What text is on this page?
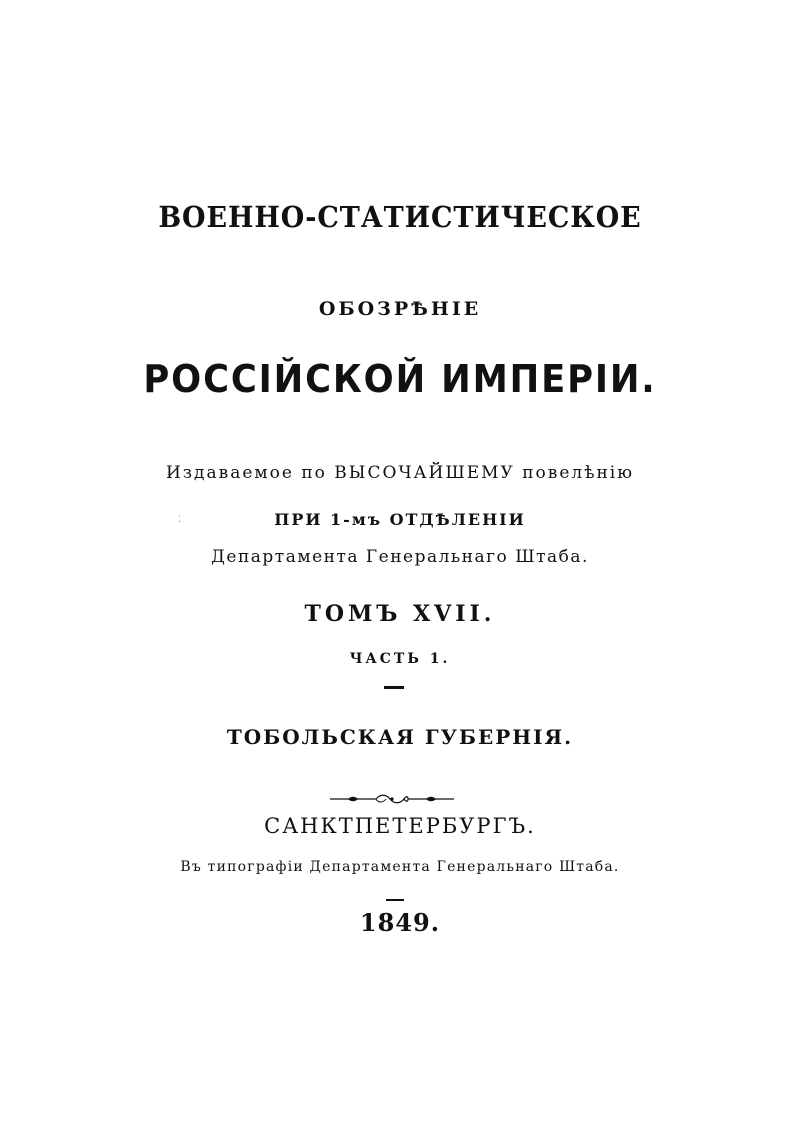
ВОЕННО-СТАТИСТИЧЕСКОЕ
ОБОЗРѢНІЕ
РОССІЙСКОЙ ИМПЕРІИ.
Издаваемое по ВЫСОЧАЙШЕМУ повелѣнію
ПРИ 1-мъ ОТДѢЛЕНІИ
Департамента Генеральнаго Штаба.
ТОМЪ XVII.
ЧАСТЬ 1.
ТОБОЛЬСКАЯ ГУБЕРНІЯ.
САНКТПЕТЕРБУРГЪ.
Въ типографіи Департамента Генеральнаго Штаба.
1849.
⁚
